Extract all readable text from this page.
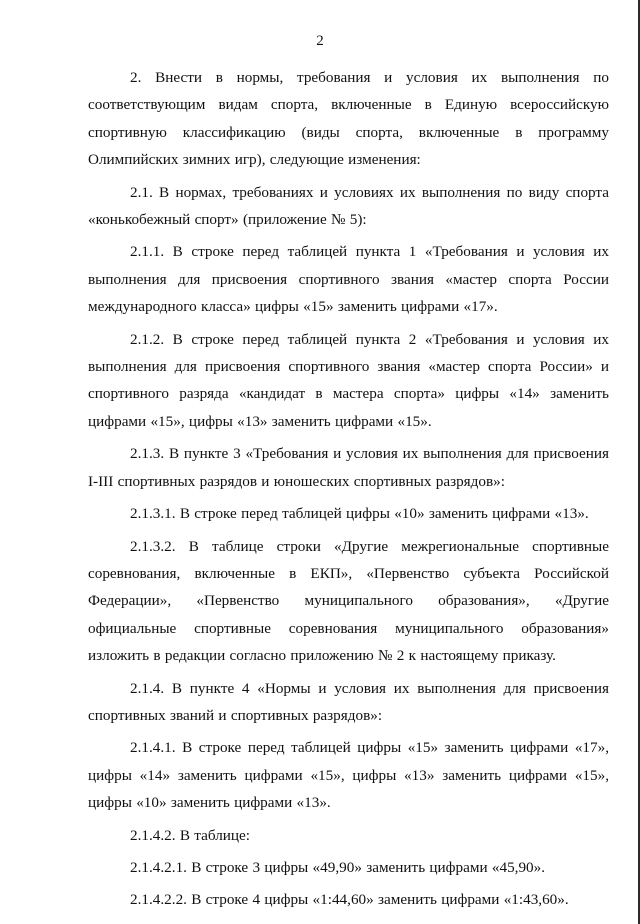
2

2. Внести в нормы, требования и условия их выполнения по соответствующим видам спорта, включенные в Единую всероссийскую спортивную классификацию (виды спорта, включенные в программу Олимпийских зимних игр), следующие изменения:

2.1. В нормах, требованиях и условиях их выполнения по виду спорта «конькобежный спорт» (приложение № 5):

2.1.1. В строке перед таблицей пункта 1 «Требования и условия их выполнения для присвоения спортивного звания «мастер спорта России международного класса» цифры «15» заменить цифрами «17».

2.1.2. В строке перед таблицей пункта 2 «Требования и условия их выполнения для присвоения спортивного звания «мастер спорта России» и спортивного разряда «кандидат в мастера спорта» цифры «14» заменить цифрами «15», цифры «13» заменить цифрами «15».

2.1.3. В пункте 3 «Требования и условия их выполнения для присвоения I-III спортивных разрядов и юношеских спортивных разрядов»:

2.1.3.1. В строке перед таблицей цифры «10» заменить цифрами «13».

2.1.3.2. В таблице строки «Другие межрегиональные спортивные соревнования, включенные в ЕКП», «Первенство субъекта Российской Федерации», «Первенство муниципального образования», «Другие официальные спортивные соревнования муниципального образования» изложить в редакции согласно приложению № 2 к настоящему приказу.

2.1.4. В пункте 4 «Нормы и условия их выполнения для присвоения спортивных званий и спортивных разрядов»:

2.1.4.1. В строке перед таблицей цифры «15» заменить цифрами «17», цифры «14» заменить цифрами «15», цифры «13» заменить цифрами «15», цифры «10» заменить цифрами «13».

2.1.4.2. В таблице:

2.1.4.2.1. В строке 3 цифры «49,90» заменить цифрами «45,90».

2.1.4.2.2. В строке 4 цифры «1:44,60» заменить цифрами «1:43,60».
